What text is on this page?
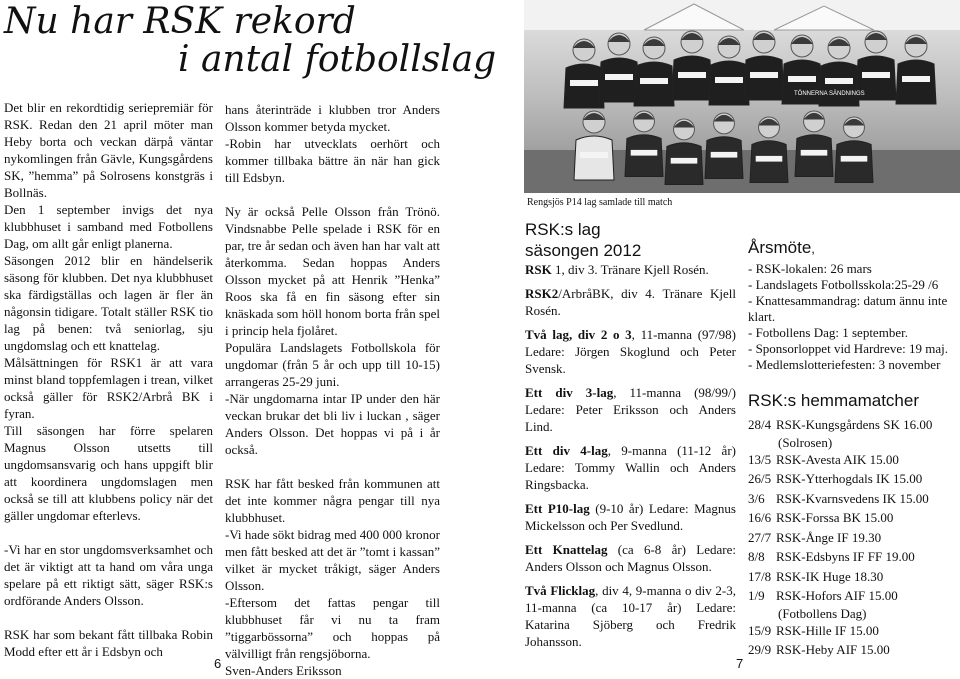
Nu har RSK rekord
i antal fotbollslag

Det blir en rekordtidig seriepremiär för RSK. Redan den 21 april möter man Heby borta och veckan därpå väntar nykomlingen från Gävle, Kungsgårdens SK, ”hemma” på Solrosens konstgräs i Bollnäs.

Den 1 september invigs det nya klubbhuset i samband med Fotbollens Dag, om allt går enligt planerna.

Säsongen 2012 blir en händelserik säsong för klubben. Det nya klubbhuset ska färdigställas och lagen är fler än någonsin tidigare. Totalt ställer RSK tio lag på benen: två seniorlag, sju ungdomslag och ett knattelag.

Målsättningen för RSK1 är att vara minst bland toppfemlagen i trean, vilket också gäller för RSK2/Arbrå BK i fyran.

Till säsongen har förre spelaren Magnus Olsson utsetts till ungdomsansvarig och hans uppgift blir att koordinera ungdomslagen men också se till att klubbens policy när det gäller ungdomar efterlevs.

-Vi har en stor ungdomsverksamhet och det är viktigt att ta hand om våra unga spelare på ett riktigt sätt, säger RSK:s ordförande Anders Olsson.

RSK har som bekant fått tillbaka Robin Modd efter ett år i Edsbyn och

hans återinträde i klubben tror Anders Olsson kommer betyda mycket.

-Robin har utvecklats oerhört och kommer tillbaka bättre än när han gick till Edsbyn.

Ny är också Pelle Olsson från Trönö. Vindsnabbe Pelle spelade i RSK för en par, tre år sedan och även han har valt att återkomma. Sedan hoppas Anders Olsson mycket på att Henrik ”Henka” Roos ska få en fin säsong efter sin knäskada som höll honom borta från spel i princip hela fjolåret.

Populära Landslagets Fotbollskola för ungdomar (från 5 år och upp till 10-15) arrangeras 25-29 juni.

-När ungdomarna intar IP under den här veckan brukar det bli liv i luckan , säger Anders Olsson. Det hoppas vi på i år också.

RSK har fått besked från kommunen att det inte kommer några pengar till nya klubbhuset.

-Vi hade sökt bidrag med 400 000 kronor men fått besked att det är ”tomt i kassan” vilket är mycket tråkigt, säger Anders Olsson.

-Eftersom det fattas pengar till klubbhuset får vi nu ta fram ”tiggarbössorna” och hoppas på välvilligt från rengsjöborna.

Sven-Anders Eriksson

TÖNNERNA SÄNDNINGS
Rengsjös P14 lag samlade till match
RSK:s lag
säsongen 2012

RSK 1, div 3. Tränare Kjell Rosén.

RSK2/ArbråBK, div 4. Tränare Kjell Rosén.

Två lag, div 2 o 3, 11-manna (97/98) Ledare: Jörgen Skoglund och Peter Svensk.

Ett div 3-lag, 11-manna (98/99/) Ledare: Peter Eriksson och Anders Lind.

Ett div 4-lag, 9-manna (11-12 år) Ledare: Tommy Wallin och Anders Ringsbacka.

Ett P10-lag (9-10 år) Ledare: Magnus Mickelsson och Per Svedlund.

Ett Knattelag (ca 6-8 år) Ledare: Anders Olsson och Magnus Olsson.

Två Flicklag, div 4, 9-manna o div 2-3, 11-manna (ca 10-17 år) Ledare: Katarina Sjöberg och Fredrik Johansson.

Årsmöte,
- RSK-lokalen: 26 mars
- Landslagets Fotbollsskola:25-29 /6
- Knattesammandrag: datum ännu inte klart.
- Fotbollens Dag: 1 september.
- Sponsorloppet vid Hardreve: 19 maj.
- Medlemslotteriefesten: 3 november
RSK:s hemmamatcher
28/4 RSK-Kungsgårdens SK 16.00
(Solrosen)
13/5 RSK-Avesta AIK 15.00
26/5 RSK-Ytterhogdals IK 15.00
3/6 RSK-Kvarnsvedens IK 15.00
16/6 RSK-Forssa BK 15.00
27/7 RSK-Ånge IF 19.30
8/8 RSK-Edsbyns IF FF 19.00
17/8 RSK-IK Huge 18.30
1/9 RSK-Hofors AIF 15.00
(Fotbollens Dag)
15/9 RSK-Hille IF 15.00
29/9 RSK-Heby AIF 15.00
6	7
